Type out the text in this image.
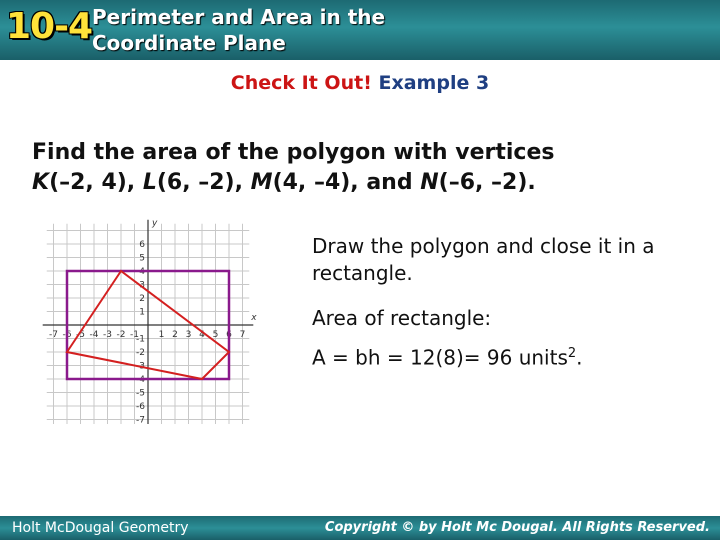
10-4 Perimeter and Area in the Coordinate Plane
Check It Out! Example 3
Find the area of the polygon with vertices
K(–2, 4), L(6, –2), M(4, –4), and N(–6, –2).
y
x
-7 -6 -5 -4 -3 -2 -1 1 2 3 4 5 6 7
6
5
4
3
2
1
-1
-2
-3
-4
-5
-6
-7
Draw the polygon and close it in a rectangle.
Area of rectangle:
A = bh = 12(8)= 96 units$^2$.
Holt McDougal Geometry	Copyright © by Holt Mc Dougal. All Rights Reserved.
